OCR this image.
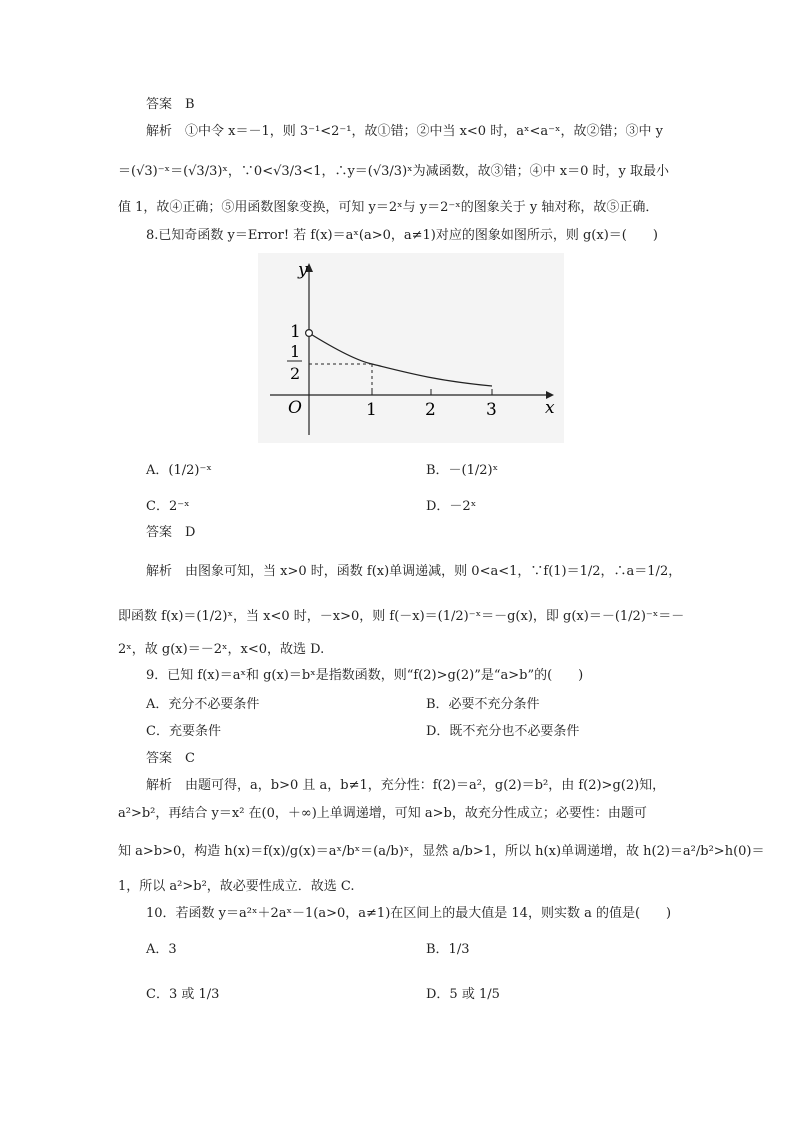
答案　B
解析　①中令 x＝－1，则 3⁻¹<2⁻¹，故①错；②中当 x<0 时，aˣ<a⁻ˣ，故②错；③中 y
＝(√3)⁻ˣ＝(√3/3)ˣ，∵0<√3/3<1，∴y＝(√3/3)ˣ为减函数，故③错；④中 x＝0 时，y 取最小
值 1，故④正确；⑤用函数图象变换，可知 y＝2ˣ与 y＝2⁻ˣ的图象关于 y 轴对称，故⑤正确．
8.已知奇函数 y＝Error! 若 f(x)＝aˣ(a>0，a≠1)对应的图象如图所示，则 g(x)＝(　　)
y
x
O	1	2	3
1
1
2
A．(1/2)⁻ˣ	B．－(1/2)ˣ
C．2⁻ˣ	D．－2ˣ
答案　D
解析　由图象可知，当 x>0 时，函数 f(x)单调递减，则 0<a<1，∵f(1)＝1/2，∴a＝1/2，
即函数 f(x)＝(1/2)ˣ，当 x<0 时，－x>0，则 f(－x)＝(1/2)⁻ˣ＝－g(x)，即 g(x)＝－(1/2)⁻ˣ＝－
2ˣ，故 g(x)＝－2ˣ，x<0，故选 D.
9．已知 f(x)＝aˣ和 g(x)＝bˣ是指数函数，则“f(2)>g(2)”是“a>b”的(　　)
A．充分不必要条件	B．必要不充分条件
C．充要条件	D．既不充分也不必要条件
答案　C
解析　由题可得，a，b>0 且 a，b≠1，充分性：f(2)＝a²，g(2)＝b²，由 f(2)>g(2)知，
a²>b²，再结合 y＝x² 在(0，＋∞)上单调递增，可知 a>b，故充分性成立；必要性：由题可
知 a>b>0，构造 h(x)＝f(x)/g(x)＝aˣ/bˣ＝(a/b)ˣ，显然 a/b>1，所以 h(x)单调递增，故 h(2)＝a²/b²>h(0)＝
1，所以 a²>b²，故必要性成立．故选 C.
10．若函数 y＝a²ˣ＋2aˣ－1(a>0，a≠1)在区间上的最大值是 14，则实数 a 的值是(　　)
A．3	B．1/3
C．3 或 1/3	D．5 或 1/5
